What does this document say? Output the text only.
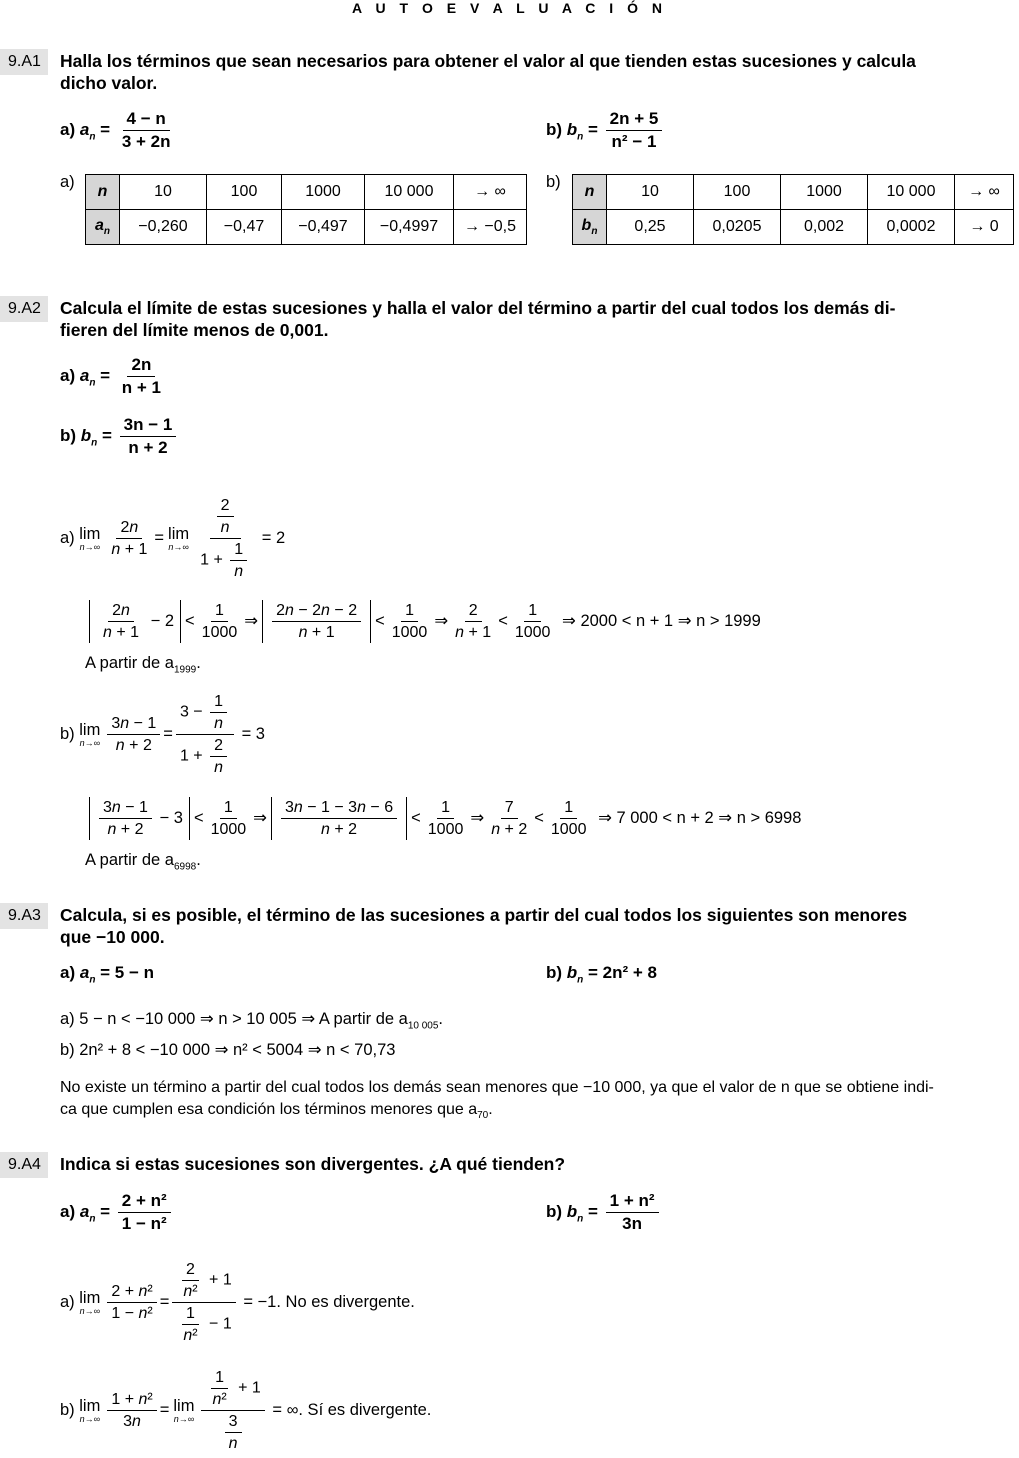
A U T O E V A L U A C I Ó N
9.A1	Halla los términos que sean necesarios para obtener el valor al que tienden estas sucesiones y calcula
dicho valor.
a) $a_n = \frac{4 - n}{3 + 2n}$	b) $b_n = \frac{2n + 5}{\text{n² − 1}}$
a)
n	10	100	1000	10 000	→ ∞
$a_n$	−0,260	−0,47	−0,497	−0,4997	→ −0,5
b)
n	10	100	1000	10 000	→ ∞
$b_n$	0,25	0,0205	0,002	0,0002	→ 0
9.A2	Calcula el límite de estas sucesiones y halla el valor del término a partir del cual todos los demás di-
fieren del límite menos de 0,001.
a) $a_n = \frac{2n}{n + 1}$
b) $b_n = \frac{3n - 1}{n + 2}$
a) lim
$n\to\infty \frac{2n}{n + 1} = \lim$
$n\to\infty \frac{\frac{2}{n}}{1 + \frac{1}{n}}$
= 2
$\frac{2n}{n + 1} - 2 < \frac{1}{1000}$ ⇒ $\frac{2n - 2n - 2}{n + 1} < \frac{1}{1000}$ ⇒ $\frac{2}{n + 1} < \frac{1}{1000}$
⇒ 2000 < n + 1 ⇒ n > 1999
A partir de $a_{1999}$.
b) lim
$n\to\infty \frac{3n - 1}{n + 2} = \frac{3 - \frac{1}{n}}{1 + \frac{2}{n}}$
= 3
$\frac{3n - 1}{n + 2} - 3 < \frac{1}{1000}$ ⇒ $\frac{3n - 1 - 3n - 6}{n + 2} < \frac{1}{1000}$ ⇒ $\frac{7}{n + 2} < \frac{1}{1000}$
⇒ 7 000 < n + 2 ⇒ n > 6998
A partir de $a_{6998}$.
9.A3	Calcula, si es posible, el término de las sucesiones a partir del cual todos los siguientes son menores
que −10 000.
a) $a_n = 5 - n$	b) $b_n = 2n^2 + 8$
a) 5 − n < −10 000 ⇒ n > 10 005 ⇒ A partir de $a_{10 005}$.
b) 2n² + 8 < −10 000 ⇒ n² < 5004 ⇒ n < 70,73
No existe un término a partir del cual todos los demás sean menores que −10 000, ya que el valor de n que se obtiene indi-
ca que cumplen esa condición los términos menores que $a_{70}$.
9.A4	Indica si estas sucesiones son divergentes. ¿A qué tienden?
a) $a_n = \frac{\text{2 + n²}}{\text{1 − n²}}$	b) $b_n = \frac{\text{1 + n²}}{3n}$
a) lim
$n\to\infty \frac{\text{2 + n²}}{\text{1 − n²}} = \frac{\frac{2}{\text{n²}} + 1}{\frac{1}{\text{n²}} - 1}$
= −1. No es divergente.
b) lim
$n\to\infty \frac{\text{1 + n²}}{3n} = \lim$
$n\to\infty \frac{\frac{1}{\text{n²}} + 1}{\frac{3}{n}}$
= ∞. Sí es divergente.
